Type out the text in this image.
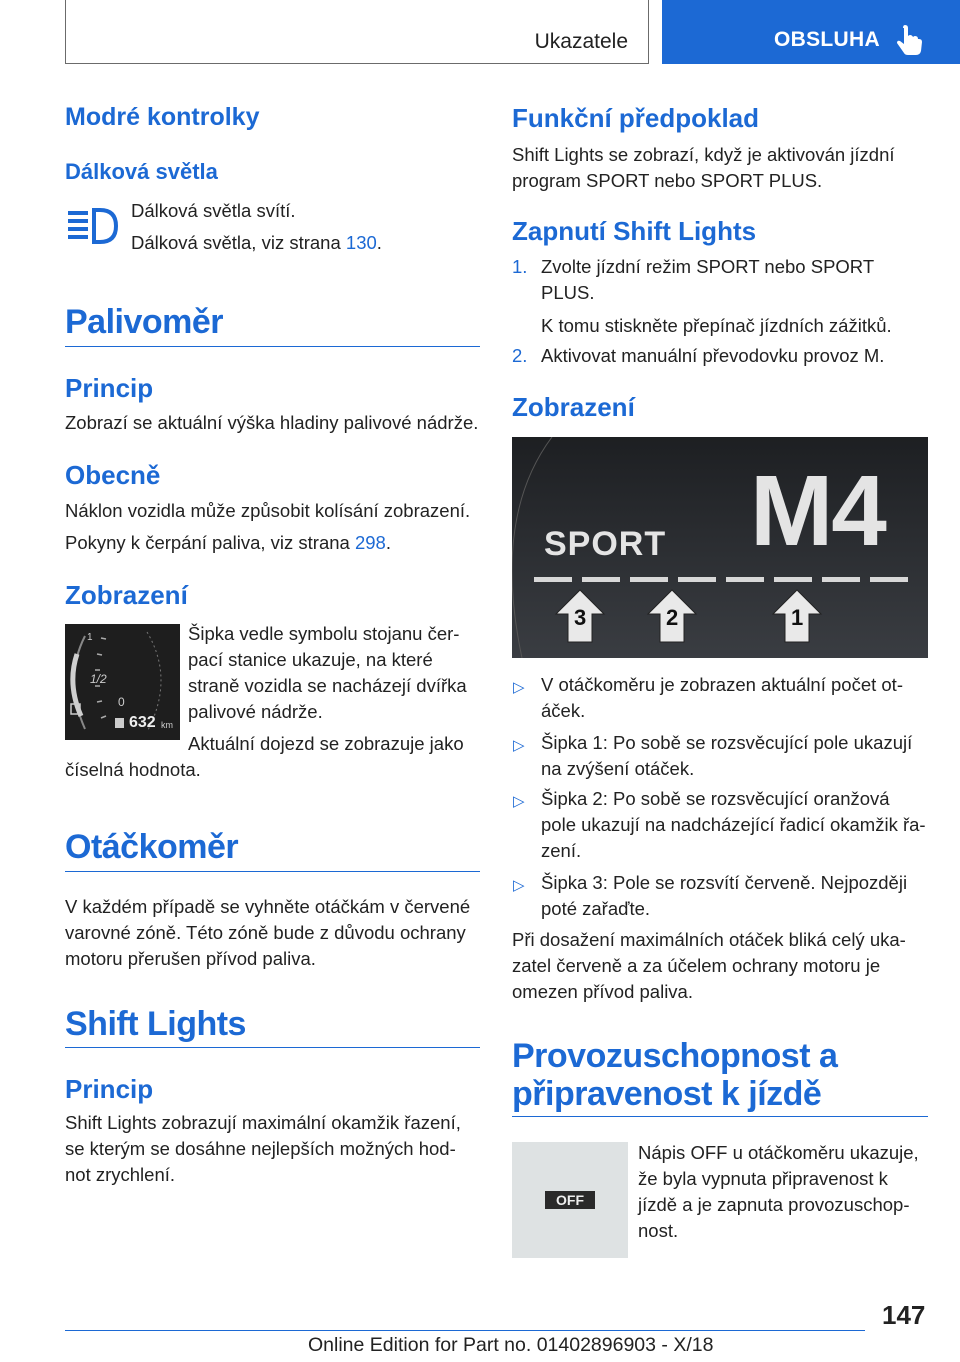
Ukazatele	OBSLUHA
Modré kontrolky
Dálková světla
Dálková světla svítí.
Dálková světla, viz strana 130.
Palivoměr
Princip
Zobrazí se aktuální výška hladiny palivové nádrže.
Obecně
Náklon vozidla může způsobit kolísání zobrazení.
Pokyny k čerpání paliva, viz strana 298.
Zobrazení
1
1/2
0
632 km
Šipka vedle symbolu stojanu čer-
pací stanice ukazuje, na které
straně vozidla se nacházejí dvířka
palivové nádrže.
Aktuální dojezd se zobrazuje jako
číselná hodnota.
Otáčkoměr
V každém případě se vyhněte otáčkám v červené
varovné zóně. Této zóně bude z důvodu ochrany
motoru přerušen přívod paliva.
Shift Lights
Princip
Shift Lights zobrazují maximální okamžik řazení,
se kterým se dosáhne nejlepších možných hod-
not zrychlení.
Funkční předpoklad
Shift Lights se zobrazí, když je aktivován jízdní
program SPORT nebo SPORT PLUS.
Zapnutí Shift Lights
1. Zvolte jízdní režim SPORT nebo SPORT
PLUS.
K tomu stiskněte přepínač jízdních zážitků.
2. Aktivovat manuální převodovku provoz M.
Zobrazení
SPORT M4
3	2	1
▷ V otáčkoměru je zobrazen aktuální počet ot-
áček.
▷ Šipka 1: Po sobě se rozsvěcující pole ukazují
na zvýšení otáček.
▷ Šipka 2: Po sobě se rozsvěcující oranžová
pole ukazují na nadcházející řadicí okamžik řa-
zení.
▷ Šipka 3: Pole se rozsvítí červeně. Nejpozději
poté zařaďte.
Při dosažení maximálních otáček bliká celý uka-
zatel červeně a za účelem ochrany motoru je
omezen přívod paliva.
Provozuschopnost a
připravenost k jízdě
OFF
Nápis OFF u otáčkoměru ukazuje,
že byla vypnuta připravenost k
jízdě a je zapnuta provozuschop-
nost.
147
Online Edition for Part no. 01402896903 - X/18
